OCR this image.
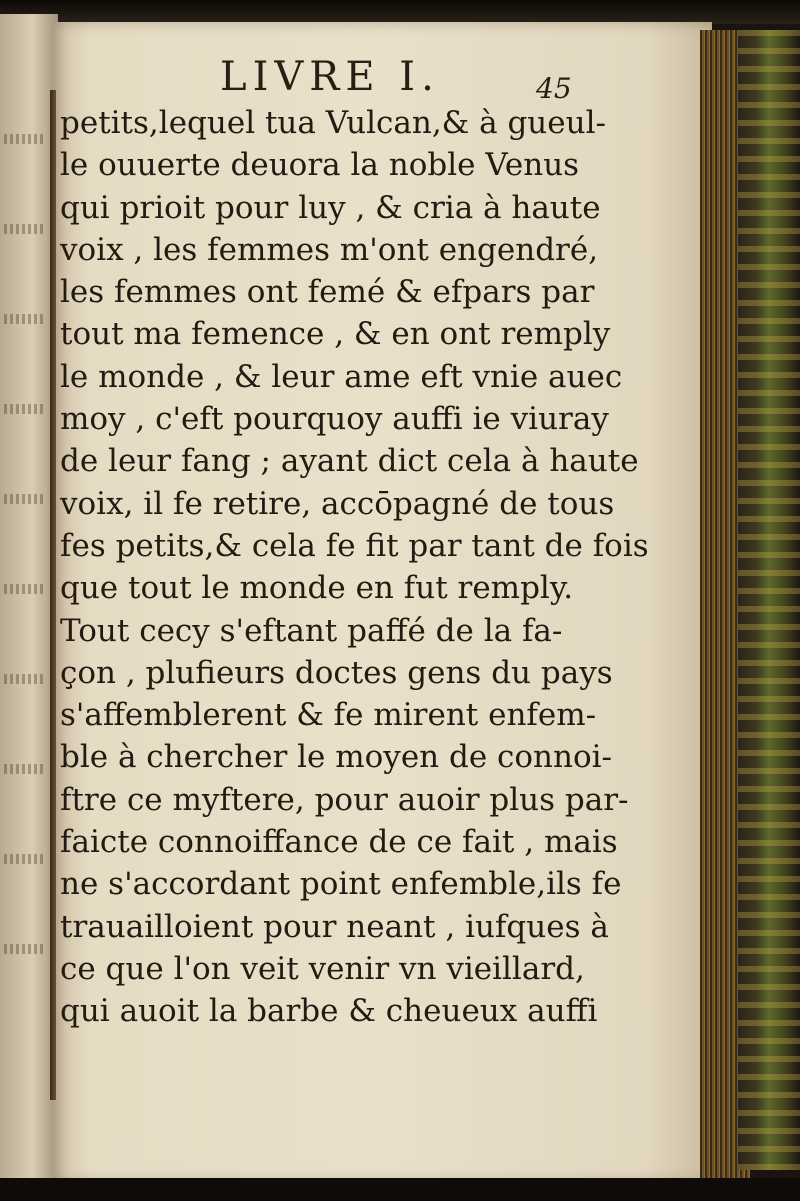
LIVRE I.	45
petits,lequel tua Vulcan,& à gueul-
le ouuerte deuora la noble Venus
qui prioit pour luy , & cria à haute
voix , les femmes m'ont engendré,
les femmes ont femé & efpars par
tout ma femence , & en ont remply
le monde , & leur ame eft vnie auec
moy , c'eft pourquoy auffi ie viuray
de leur fang ; ayant dict cela à haute
voix, il fe retire, accōpagné de tous
fes petits,& cela fe fit par tant de fois
que tout le monde en fut remply.
Tout cecy s'eftant paffé de la fa-
çon , plufieurs doctes gens du pays
s'affemblerent & fe mirent enfem-
ble à chercher le moyen de connoi-
ftre ce myftere, pour auoir plus par-
faicte connoiffance de ce fait , mais
ne s'accordant point enfemble,ils fe
trauailloient pour neant , iufques à
ce que l'on veit venir vn vieillard,
qui auoit la barbe & cheueux auffi
